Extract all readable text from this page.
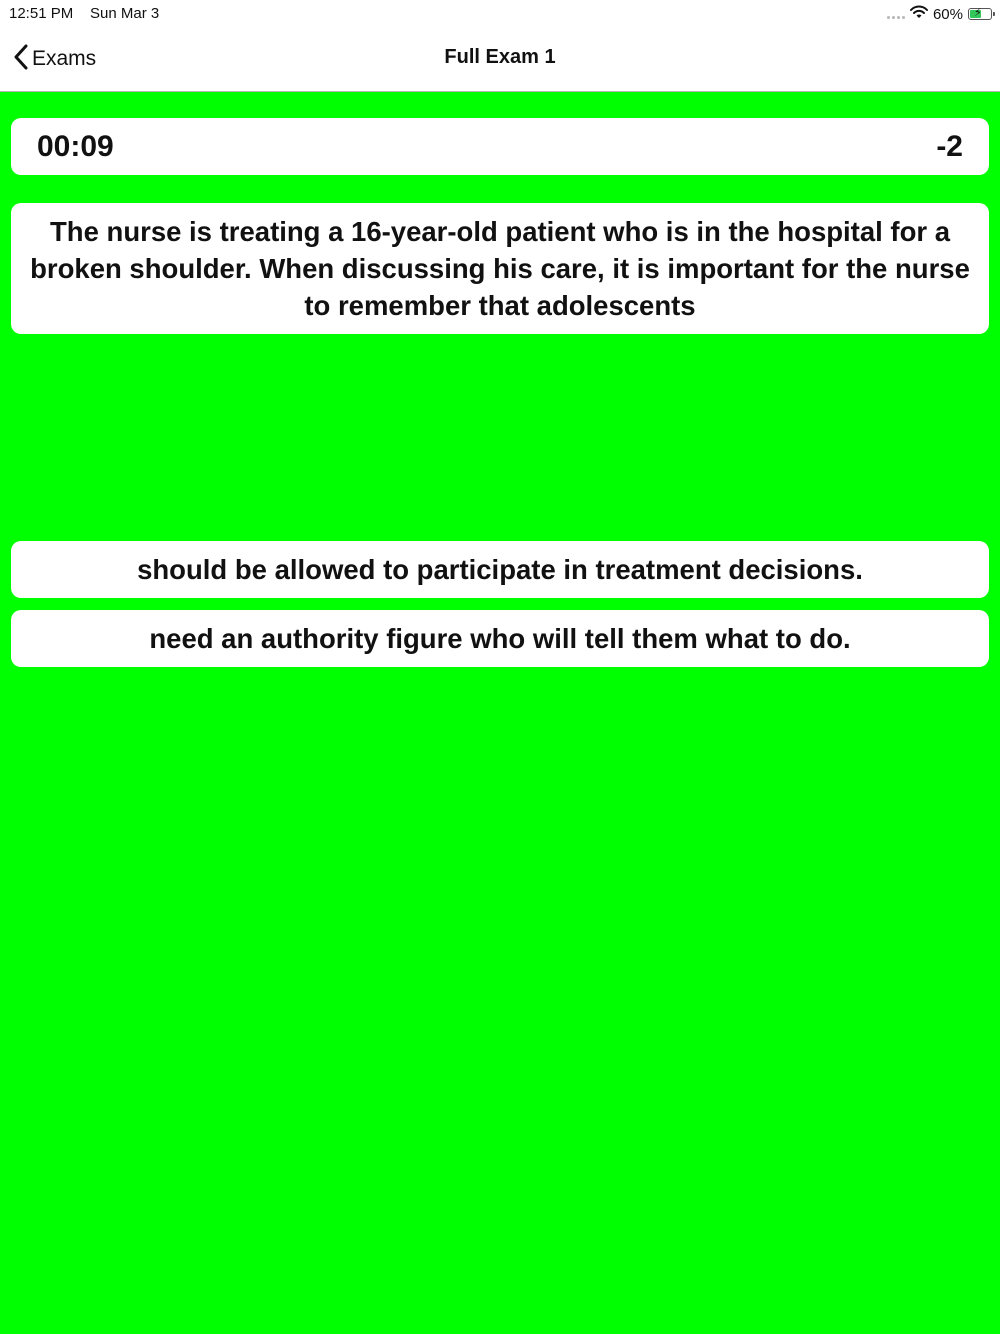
12:51 PM Sun Mar 3	60% ⚡
Exams	Full Exam 1
00:09	-2
The nurse is treating a 16-year-old patient who is in the hospital for a broken shoulder. When discussing his care, it is important for the nurse to remember that adolescents
should be allowed to participate in treatment decisions.
need an authority figure who will tell them what to do.
